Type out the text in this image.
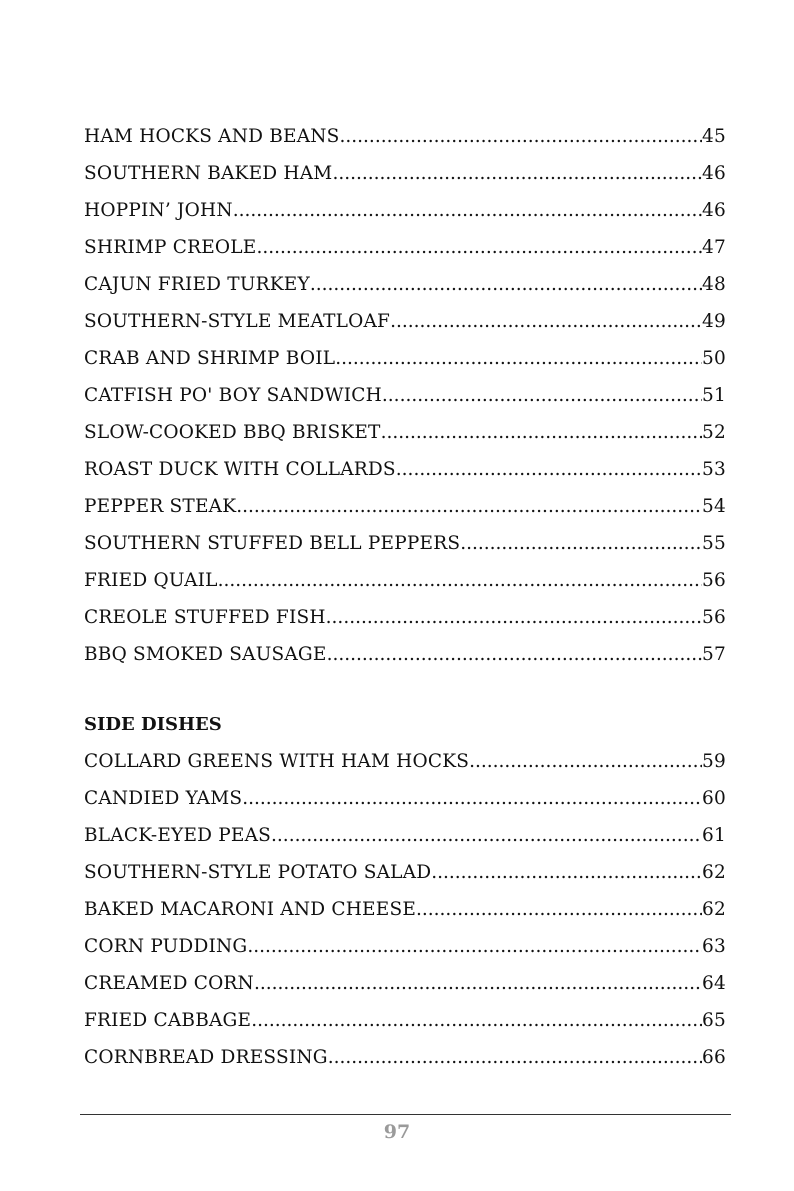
HAM HOCKS AND BEANS .....	45
SOUTHERN BAKED HAM .....	46
HOPPIN’ JOHN .....	46
SHRIMP CREOLE .....	47
CAJUN FRIED TURKEY .....	48
SOUTHERN-STYLE MEATLOAF .....	49
CRAB AND SHRIMP BOIL .....	50
CATFISH PO' BOY SANDWICH .....	51
SLOW-COOKED BBQ BRISKET .....	52
ROAST DUCK WITH COLLARDS .....	53
PEPPER STEAK .....	54
SOUTHERN STUFFED BELL PEPPERS .....	55
FRIED QUAIL .....	56
CREOLE STUFFED FISH .....	56
BBQ SMOKED SAUSAGE .....	57
SIDE DISHES
COLLARD GREENS WITH HAM HOCKS .....	59
CANDIED YAMS .....	60
BLACK-EYED PEAS .....	61
SOUTHERN-STYLE POTATO SALAD .....	62
BAKED MACARONI AND CHEESE .....	62
CORN PUDDING .....	63
CREAMED CORN .....	64
FRIED CABBAGE .....	65
CORNBREAD DRESSING .....	66
97
